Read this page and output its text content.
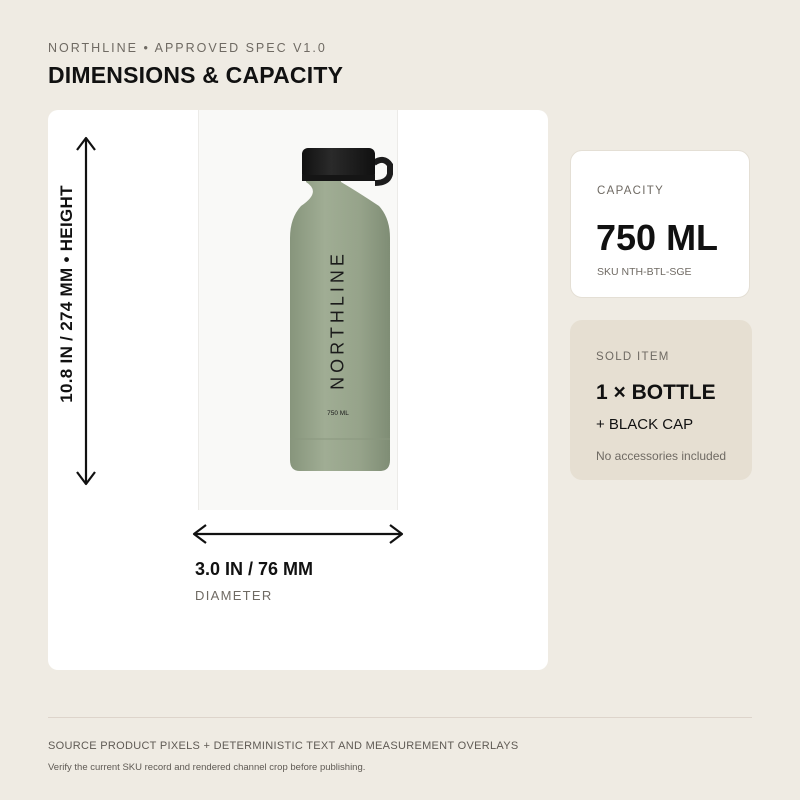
NORTHLINE • APPROVED SPEC V1.0
DIMENSIONS & CAPACITY
NORTHLINE
750 ML
10.8 IN / 274 MM • HEIGHT
3.0 IN / 76 MM
DIAMETER
CAPACITY
750 ML
SKU NTH-BTL-SGE
SOLD ITEM
1 × BOTTLE
+ BLACK CAP
No accessories included
SOURCE PRODUCT PIXELS + DETERMINISTIC TEXT AND MEASUREMENT OVERLAYS
Verify the current SKU record and rendered channel crop before publishing.
